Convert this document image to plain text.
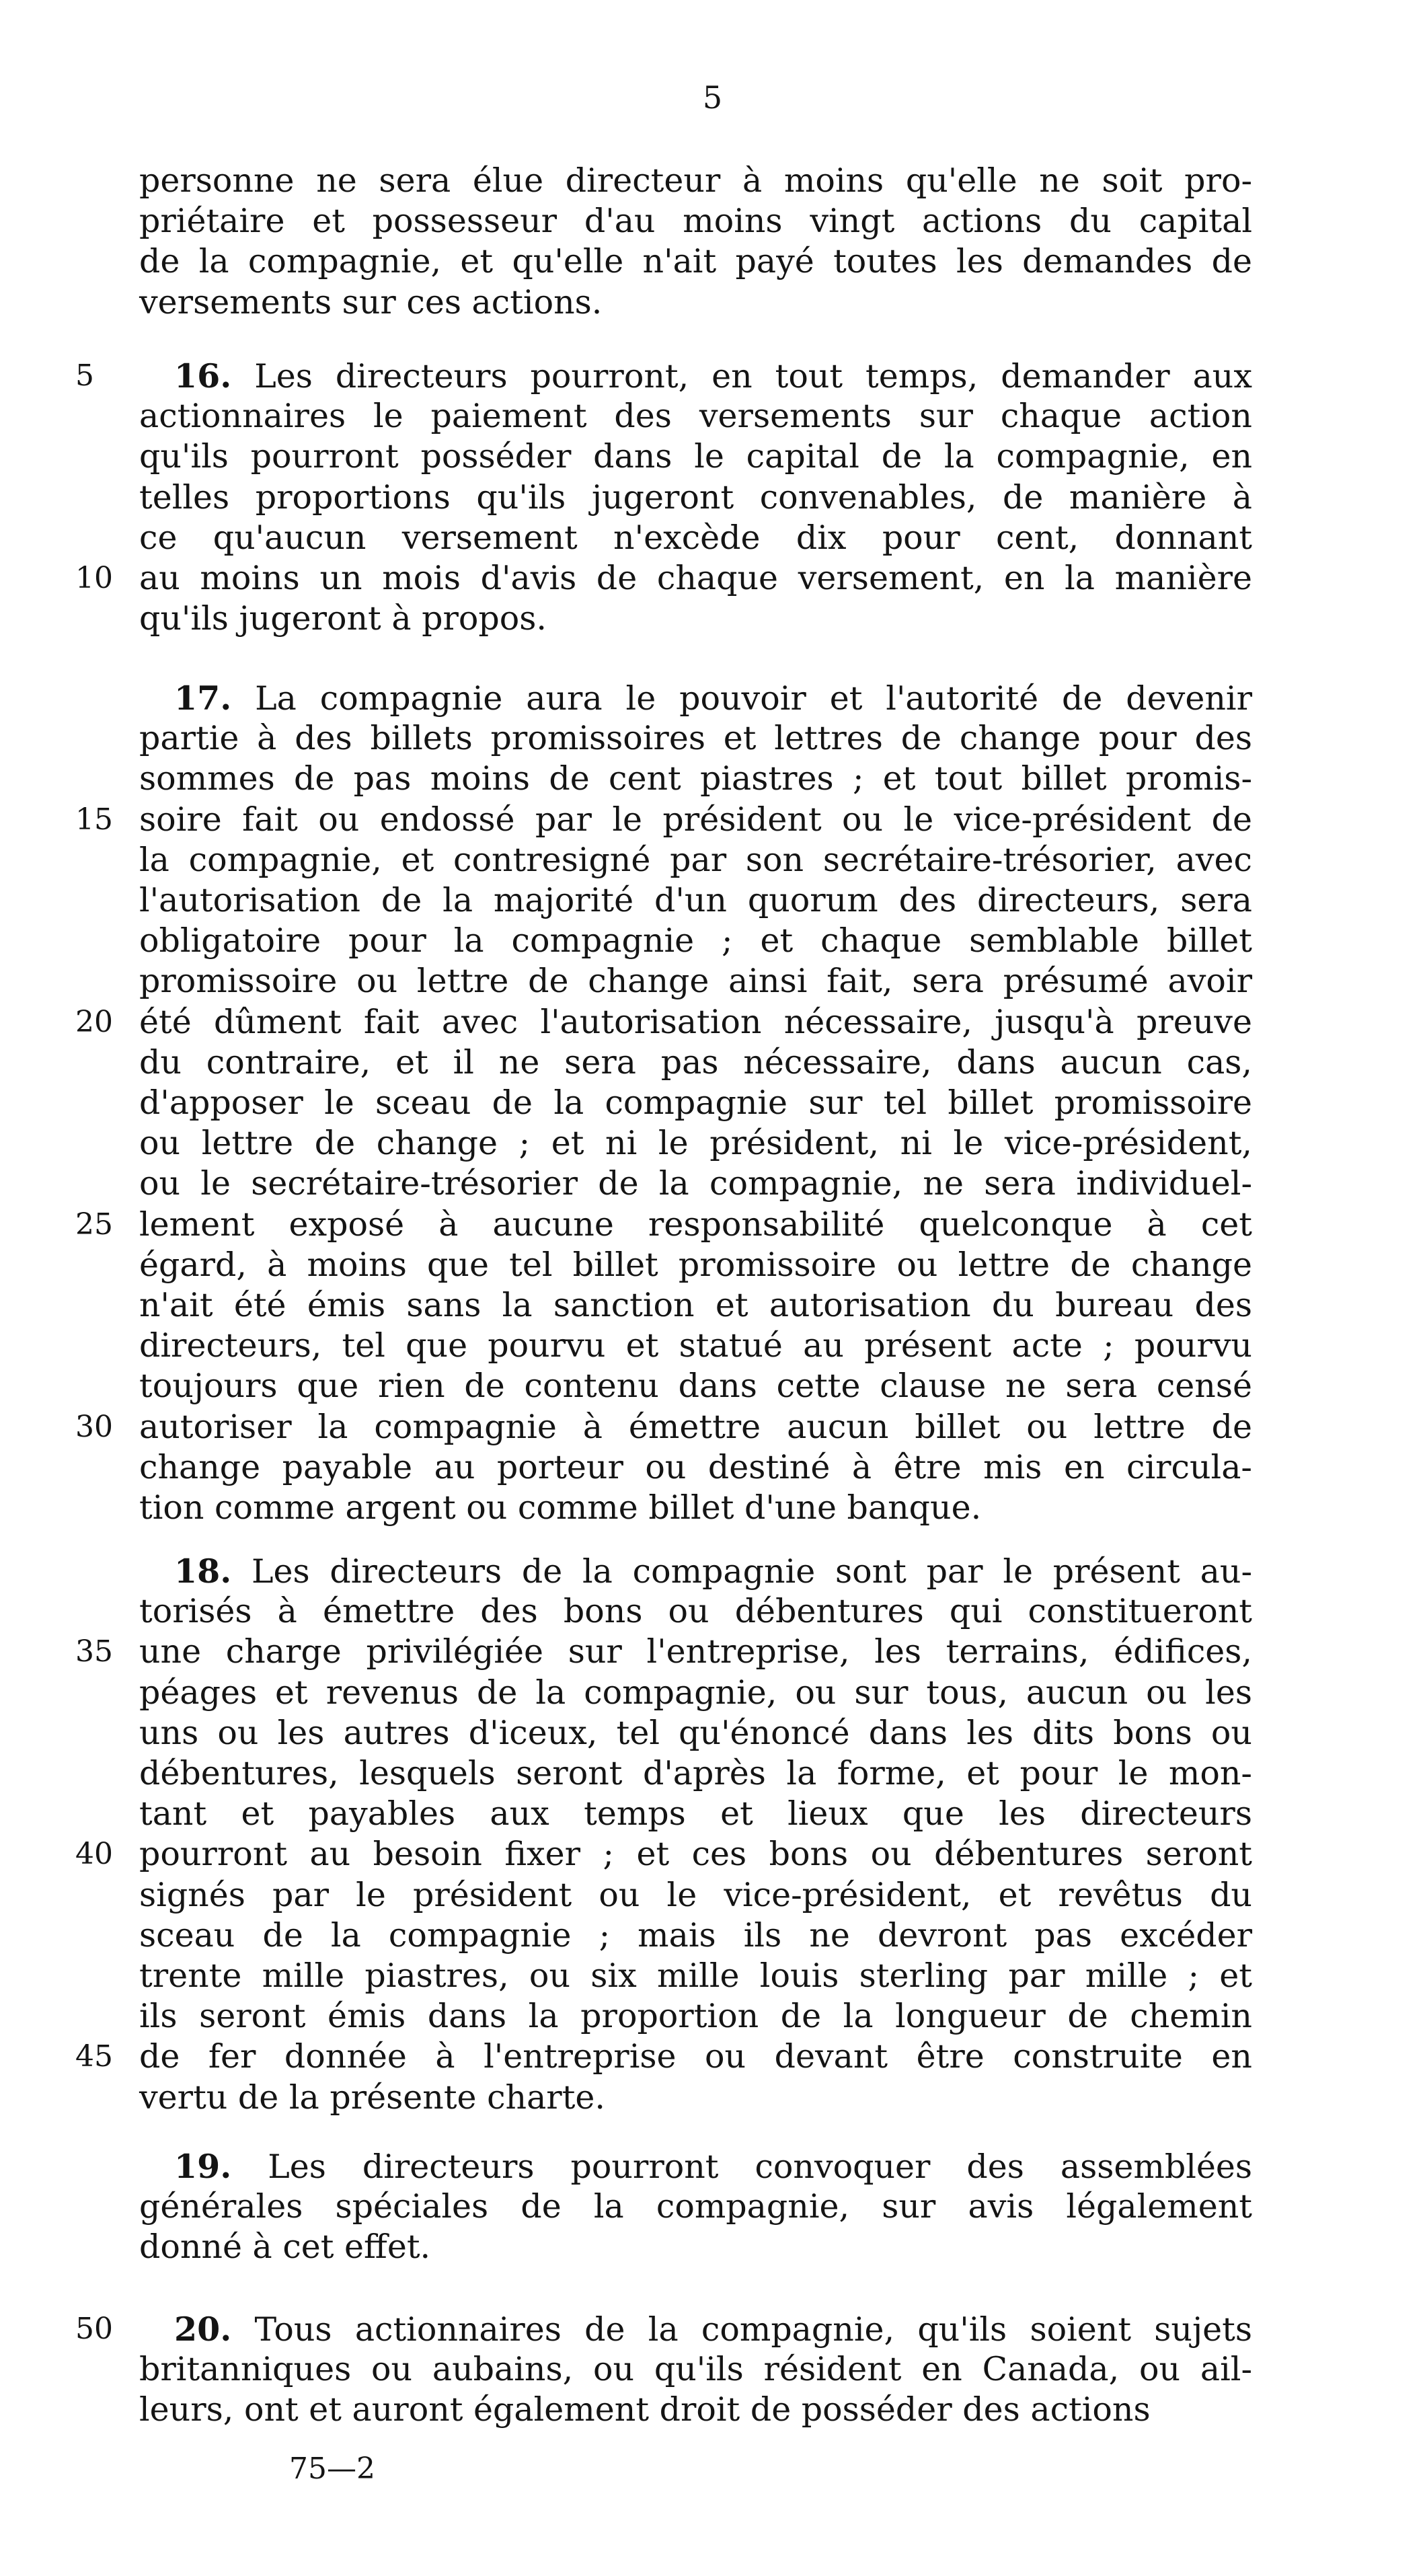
5
personne ne sera élue directeur à moins qu'elle ne soit pro-
priétaire et possesseur d'au moins vingt actions du capital
de la compagnie, et qu'elle n'ait payé toutes les demandes de
versements sur ces actions.
16. Les directeurs pourront, en tout temps, demander aux
actionnaires le paiement des versements sur chaque action
qu'ils pourront posséder dans le capital de la compagnie, en
telles proportions qu'ils jugeront convenables, de manière à
ce qu'aucun versement n'excède dix pour cent, donnant
au moins un mois d'avis de chaque versement, en la manière
qu'ils jugeront à propos.
17. La compagnie aura le pouvoir et l'autorité de devenir
partie à des billets promissoires et lettres de change pour des
sommes de pas moins de cent piastres ; et tout billet promis-
soire fait ou endossé par le président ou le vice-président de
la compagnie, et contresigné par son secrétaire-trésorier, avec
l'autorisation de la majorité d'un quorum des directeurs, sera
obligatoire pour la compagnie ; et chaque semblable billet
promissoire ou lettre de change ainsi fait, sera présumé avoir
été dûment fait avec l'autorisation nécessaire, jusqu'à preuve
du contraire, et il ne sera pas nécessaire, dans aucun cas,
d'apposer le sceau de la compagnie sur tel billet promissoire
ou lettre de change ; et ni le président, ni le vice-président,
ou le secrétaire-trésorier de la compagnie, ne sera individuel-
lement exposé à aucune responsabilité quelconque à cet
égard, à moins que tel billet promissoire ou lettre de change
n'ait été émis sans la sanction et autorisation du bureau des
directeurs, tel que pourvu et statué au présent acte ; pourvu
toujours que rien de contenu dans cette clause ne sera censé
autoriser la compagnie à émettre aucun billet ou lettre de
change payable au porteur ou destiné à être mis en circula-
tion comme argent ou comme billet d'une banque.
18. Les directeurs de la compagnie sont par le présent au-
torisés à émettre des bons ou débentures qui constitueront
une charge privilégiée sur l'entreprise, les terrains, édifices,
péages et revenus de la compagnie, ou sur tous, aucun ou les
uns ou les autres d'iceux, tel qu'énoncé dans les dits bons ou
débentures, lesquels seront d'après la forme, et pour le mon-
tant et payables aux temps et lieux que les directeurs
pourront au besoin fixer ; et ces bons ou débentures seront
signés par le président ou le vice-président, et revêtus du
sceau de la compagnie ; mais ils ne devront pas excéder
trente mille piastres, ou six mille louis sterling par mille ; et
ils seront émis dans la proportion de la longueur de chemin
de fer donnée à l'entreprise ou devant être construite en
vertu de la présente charte.
19. Les directeurs pourront convoquer des assemblées
générales spéciales de la compagnie, sur avis légalement
donné à cet effet.
20. Tous actionnaires de la compagnie, qu'ils soient sujets
britanniques ou aubains, ou qu'ils résident en Canada, ou ail-
leurs, ont et auront également droit de posséder des actions
5
10
15
20
25
30
35
40
45
50
75—2
